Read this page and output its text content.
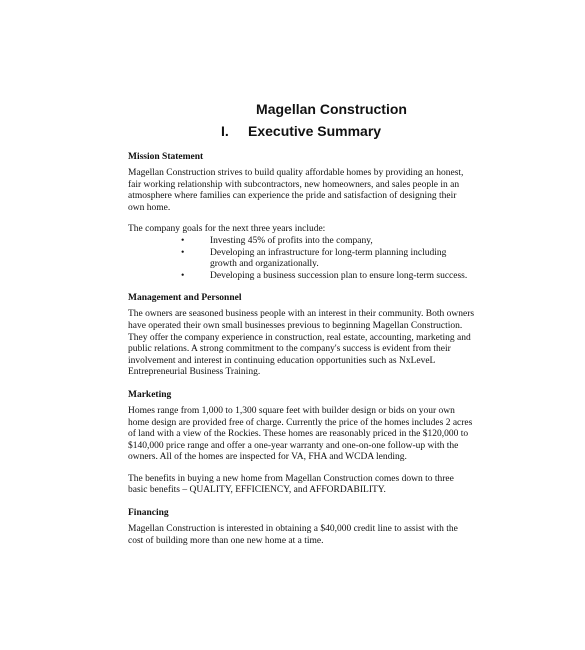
Magellan Construction
I. Executive Summary
Mission Statement

Magellan Construction strives to build quality affordable homes by providing an honest, fair working relationship with subcontractors, new homeowners, and sales people in an atmosphere where families can experience the pride and satisfaction of designing their own home.

The company goals for the next three years include:

•	Investing 45% of profits into the company,
•	Developing an infrastructure for long-term planning including growth and organizationally.
•	Developing a business succession plan to ensure long-term success.
Management and Personnel

The owners are seasoned business people with an interest in their community. Both owners have operated their own small businesses previous to beginning Magellan Construction. They offer the company experience in construction, real estate, accounting, marketing and public relations. A strong commitment to the company's success is evident from their involvement and interest in continuing education opportunities such as NxLeveL Entrepreneurial Business Training.

Marketing

Homes range from 1,000 to 1,300 square feet with builder design or bids on your own home design are provided free of charge. Currently the price of the homes includes 2 acres of land with a view of the Rockies. These homes are reasonably priced in the $120,000 to $140,000 price range and offer a one-year warranty and one-on-one follow-up with the owners. All of the homes are inspected for VA, FHA and WCDA lending.

The benefits in buying a new home from Magellan Construction comes down to three basic benefits – QUALITY, EFFICIENCY, and AFFORDABILITY.

Financing

Magellan Construction is interested in obtaining a $40,000 credit line to assist with the cost of building more than one new home at a time.
